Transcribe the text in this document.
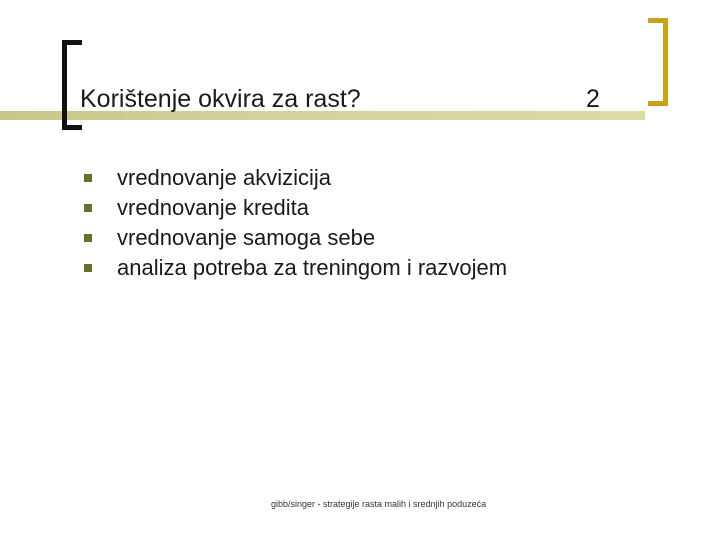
Korištenje okvira za rast?	2
vrednovanje akvizicija
vrednovanje kredita
vrednovanje samoga sebe
analiza potreba za treningom i razvojem
gibb/singer - strategije rasta malih i srednjih poduzeća
